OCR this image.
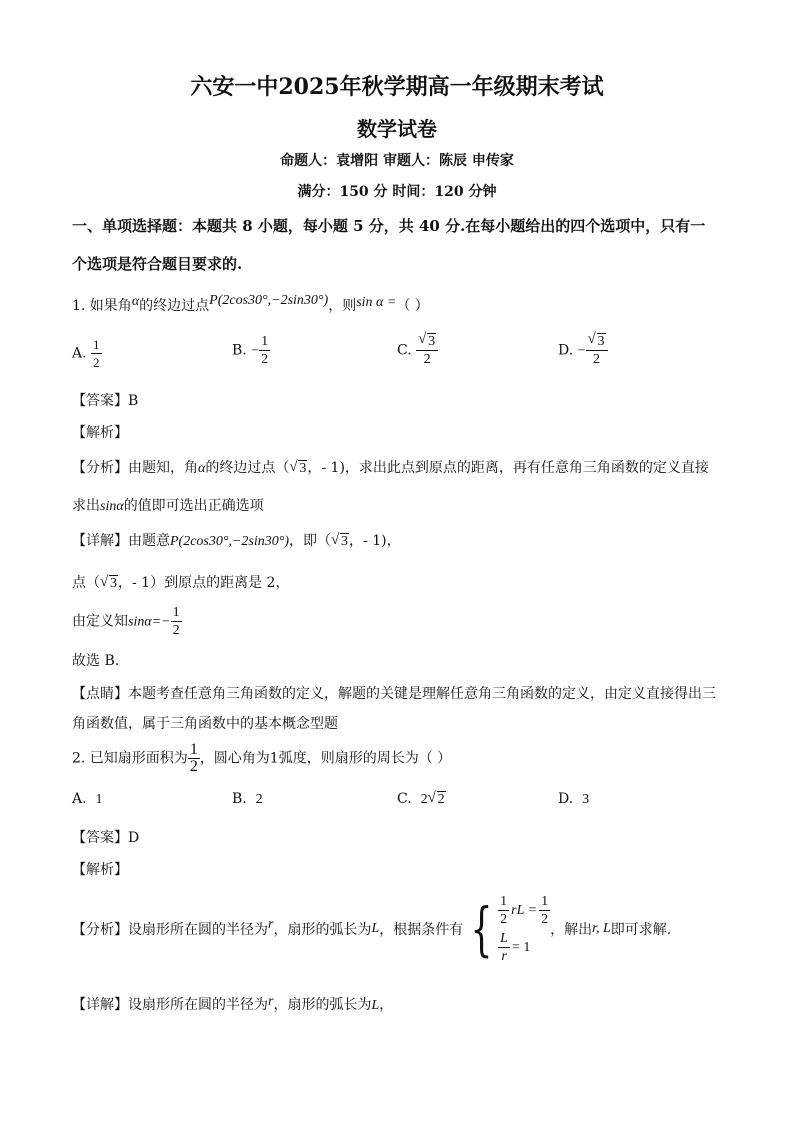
六安一中2025年秋学期高一年级期末考试
数学试卷
命题人：袁增阳 审题人：陈辰 申传家
满分：150 分 时间：120 分钟
一、单项选择题：本题共 8 小题，每小题 5 分，共 40 分.在每小题给出的四个选项中，只有一
个选项是符合题目要求的.
1. 如果角α的终边过点P(2cos30°,−2sin30°)，则sin α =（ ）
A. $\frac{1}{2}$	B. − $\frac{1}{2}$	C. $\frac{√ 3}{2}$	D. − $\frac{√ 3}{2}$
【答案】B
【解析】
【分析】由题知，角α的终边过点（ √ 3，- 1)，求出此点到原点的距离，再有任意角三角函数的定义直接
求出sinα的值即可选出正确选项
【详解】由题意P(2cos30°,−2sin30°)，即（ √ 3，- 1)，
点（ √ 3，- 1）到原点的距离是 2，
由定义知$\sin\alpha=- \frac{1}{2}$
故选 B.
【点睛】本题考查任意角三角函数的定义，解题的关键是理解任意角三角函数的定义，由定义直接得出三
角函数值，属于三角函数中的基本概念型题
2. 已知扇形面积为 $\frac{1}{2}$ ，圆心角为1弧度，则扇形的周长为（ ）
A. 1	B. 2	C. 2 √ 2	D. 3
【答案】D
【解析】
【分析】 设扇形所在圆的半径为 r ，扇形的弧长为 L ，根据条件有 { $\frac{1}{2}$ rL = $\frac{1}{2}$
$\frac{L}{r} = 1$
，解出 r, L 即可求解.
【详解】设扇形所在圆的半径为r，扇形的弧长为L，
